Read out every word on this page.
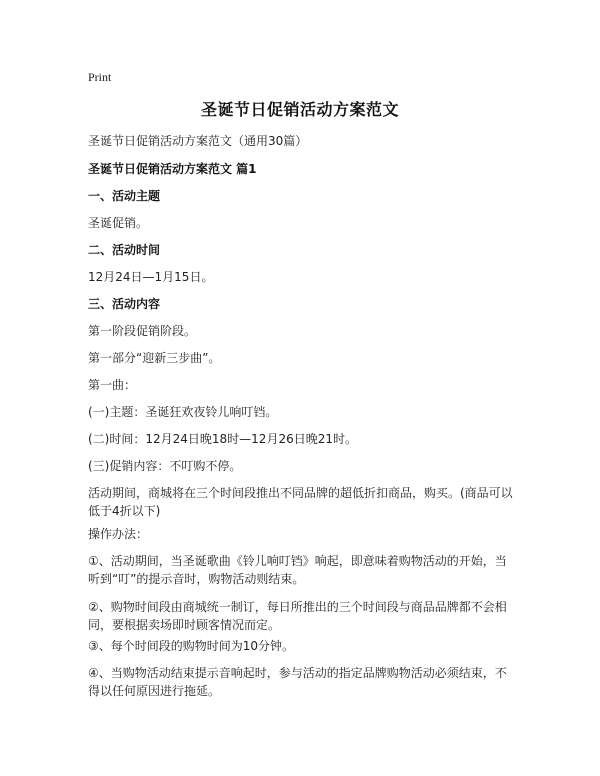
Print
圣诞节日促销活动方案范文
圣诞节日促销活动方案范文（通用30篇）
圣诞节日促销活动方案范文 篇1
一、活动主题
圣诞促销。
二、活动时间
12月24日—1月15日。
三、活动内容
第一阶段促销阶段。
第一部分“迎新三步曲”。
第一曲：
(一)主题：圣诞狂欢夜铃儿响叮铛。
(二)时间：12月24日晚18时—12月26日晚21时。
(三)促销内容：不叮购不停。
活动期间，商城将在三个时间段推出不同品牌的超低折扣商品，购买。(商品可以低于4折以下)
操作办法：
①、活动期间，当圣诞歌曲《铃儿响叮铛》响起，即意味着购物活动的开始，当听到“叮”的提示音时，购物活动则结束。
②、购物时间段由商城统一制订，每日所推出的三个时间段与商品品牌都不会相同，要根据卖场即时顾客情况而定。
③、每个时间段的购物时间为10分钟。
④、当购物活动结束提示音响起时，参与活动的指定品牌购物活动必须结束，不得以任何原因进行拖延。
